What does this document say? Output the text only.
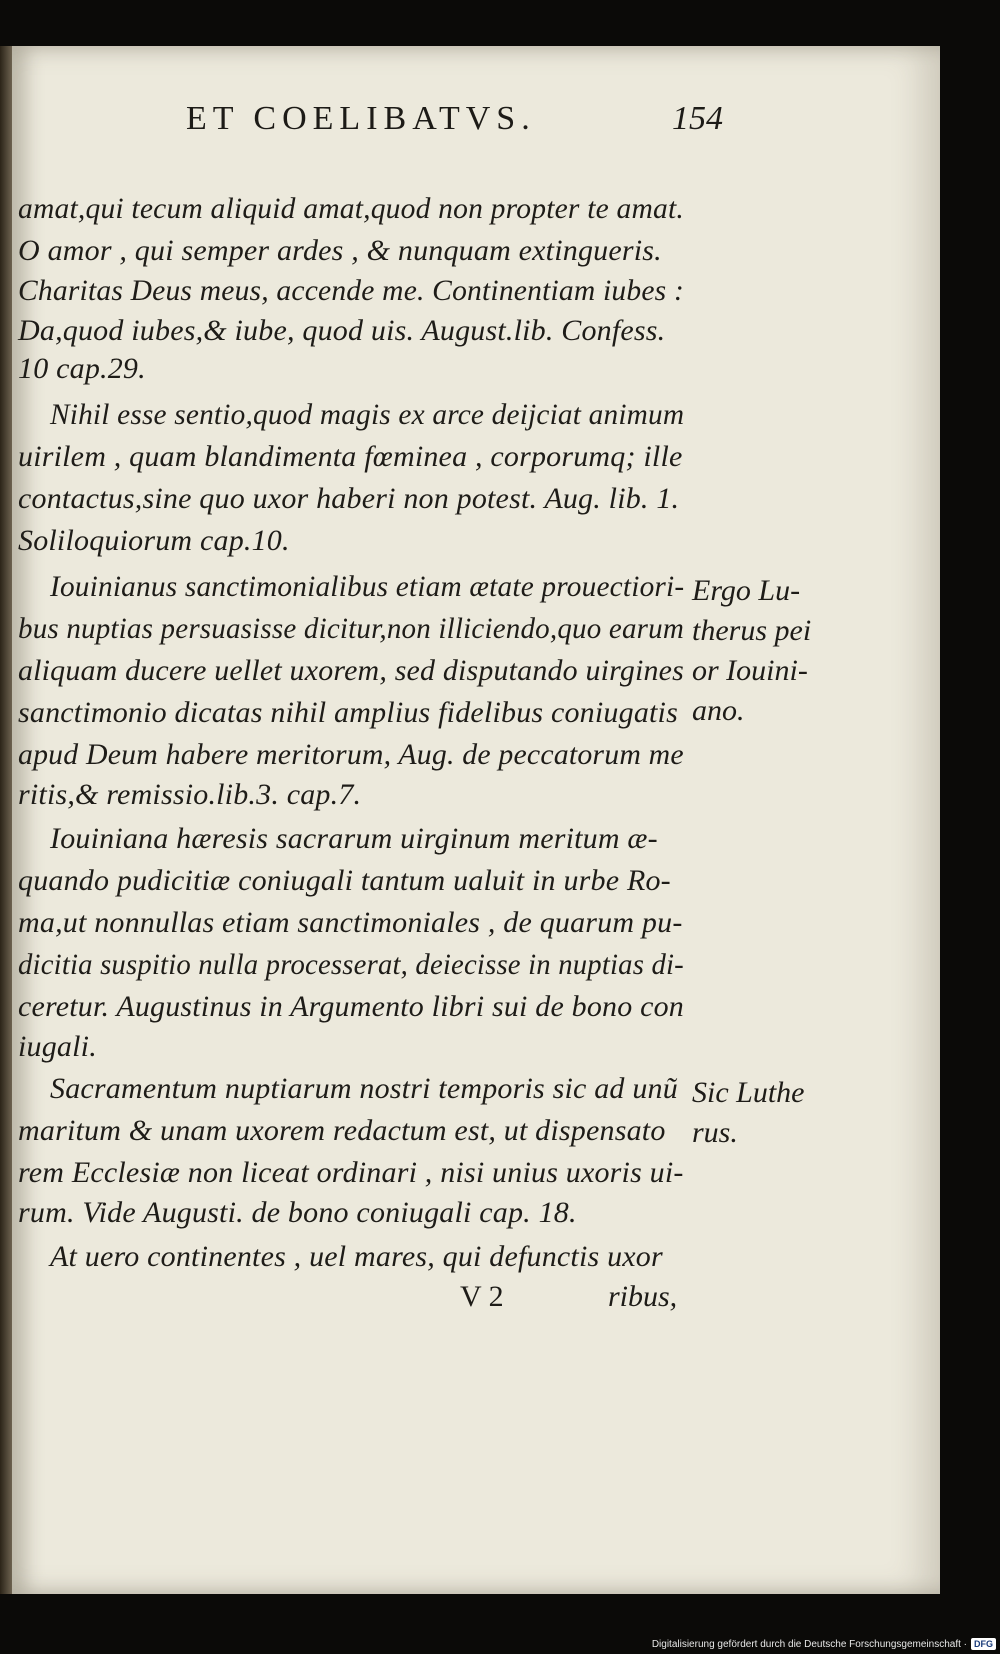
ET COELIBATVS.	154
amat,qui tecum aliquid amat,quod non propter te amat.
O amor , qui semper ardes , & nunquam extingueris.
Charitas Deus meus, accende me. Continentiam iubes :
Da,quod iubes,& iube, quod uis. August.lib. Confess.
10 cap.29.
Nihil esse sentio,quod magis ex arce deijciat animum
uirilem , quam blandimenta fœminea , corporumq; ille
contactus,sine quo uxor haberi non potest. Aug. lib. 1.
Soliloquiorum cap.10.
Iouinianus sanctimonialibus etiam ætate prouectiori-
bus nuptias persuasisse dicitur,non illiciendo,quo earum
aliquam ducere uellet uxorem, sed disputando uirgines
sanctimonio dicatas nihil amplius fidelibus coniugatis
apud Deum habere meritorum, Aug. de peccatorum me
ritis,& remissio.lib.3. cap.7.
Iouiniana hæresis sacrarum uirginum meritum æ-
quando pudicitiæ coniugali tantum ualuit in urbe Ro-
ma,ut nonnullas etiam sanctimoniales , de quarum pu-
dicitia suspitio nulla processerat, deiecisse in nuptias di-
ceretur. Augustinus in Argumento libri sui de bono con
iugali.
Sacramentum nuptiarum nostri temporis sic ad unũ
maritum & unam uxorem redactum est, ut dispensato
rem Ecclesiæ non liceat ordinari , nisi unius uxoris ui-
rum. Vide Augusti. de bono coniugali cap. 18.
At uero continentes , uel mares, qui defunctis uxor
Ergo Lu-
therus pei
or Iouini-
ano.
Sic Luthe
rus.
V 2	ribus,
Digitalisierung gefördert durch die Deutsche Forschungsgemeinschaft · DFG
